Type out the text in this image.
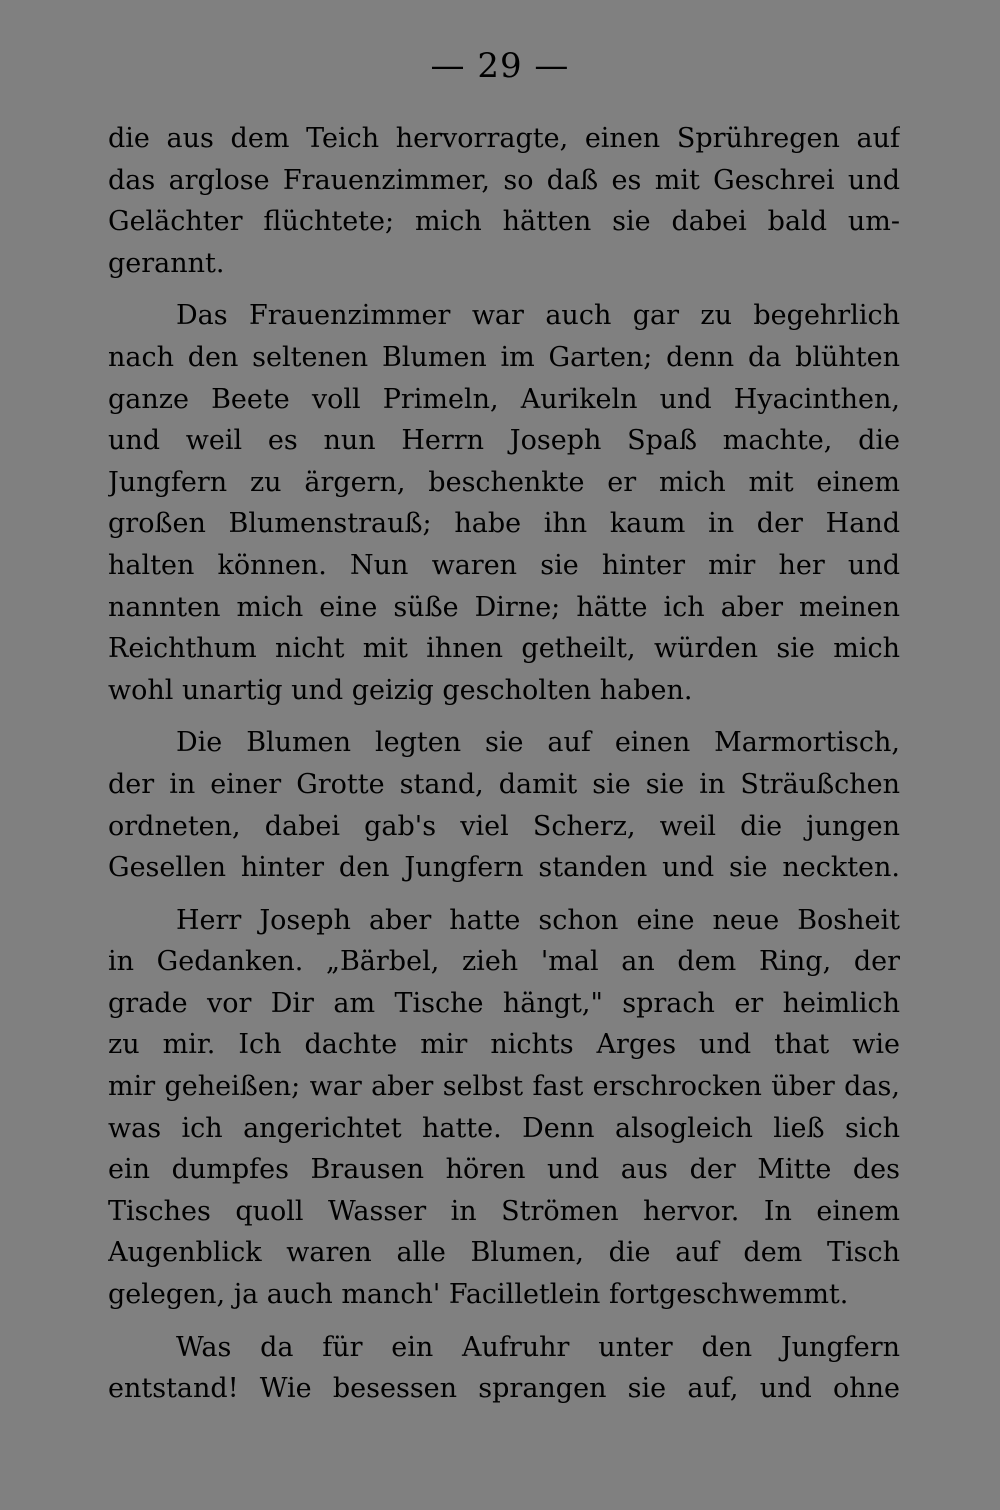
— 29 —
die aus dem Teich hervorragte, einen Sprühregen auf
das arglose Frauenzimmer, so daß es mit Geschrei und
Gelächter flüchtete; mich hätten sie dabei bald um-
gerannt.
Das Frauenzimmer war auch gar zu begehrlich
nach den seltenen Blumen im Garten; denn da blühten
ganze Beete voll Primeln, Aurikeln und Hyacinthen,
und weil es nun Herrn Joseph Spaß machte, die
Jungfern zu ärgern, beschenkte er mich mit einem
großen Blumenstrauß; habe ihn kaum in der Hand
halten können. Nun waren sie hinter mir her und
nannten mich eine süße Dirne; hätte ich aber meinen
Reichthum nicht mit ihnen getheilt, würden sie mich
wohl unartig und geizig gescholten haben.
Die Blumen legten sie auf einen Marmortisch,
der in einer Grotte stand, damit sie sie in Sträußchen
ordneten, dabei gab's viel Scherz, weil die jungen
Gesellen hinter den Jungfern standen und sie neckten.
Herr Joseph aber hatte schon eine neue Bosheit
in Gedanken. „Bärbel, zieh 'mal an dem Ring, der
grade vor Dir am Tische hängt," sprach er heimlich
zu mir. Ich dachte mir nichts Arges und that wie
mir geheißen; war aber selbst fast erschrocken über das,
was ich angerichtet hatte. Denn alsogleich ließ sich
ein dumpfes Brausen hören und aus der Mitte des
Tisches quoll Wasser in Strömen hervor. In einem
Augenblick waren alle Blumen, die auf dem Tisch
gelegen, ja auch manch' Facilletlein fortgeschwemmt.
Was da für ein Aufruhr unter den Jungfern
entstand! Wie besessen sprangen sie auf, und ohne
